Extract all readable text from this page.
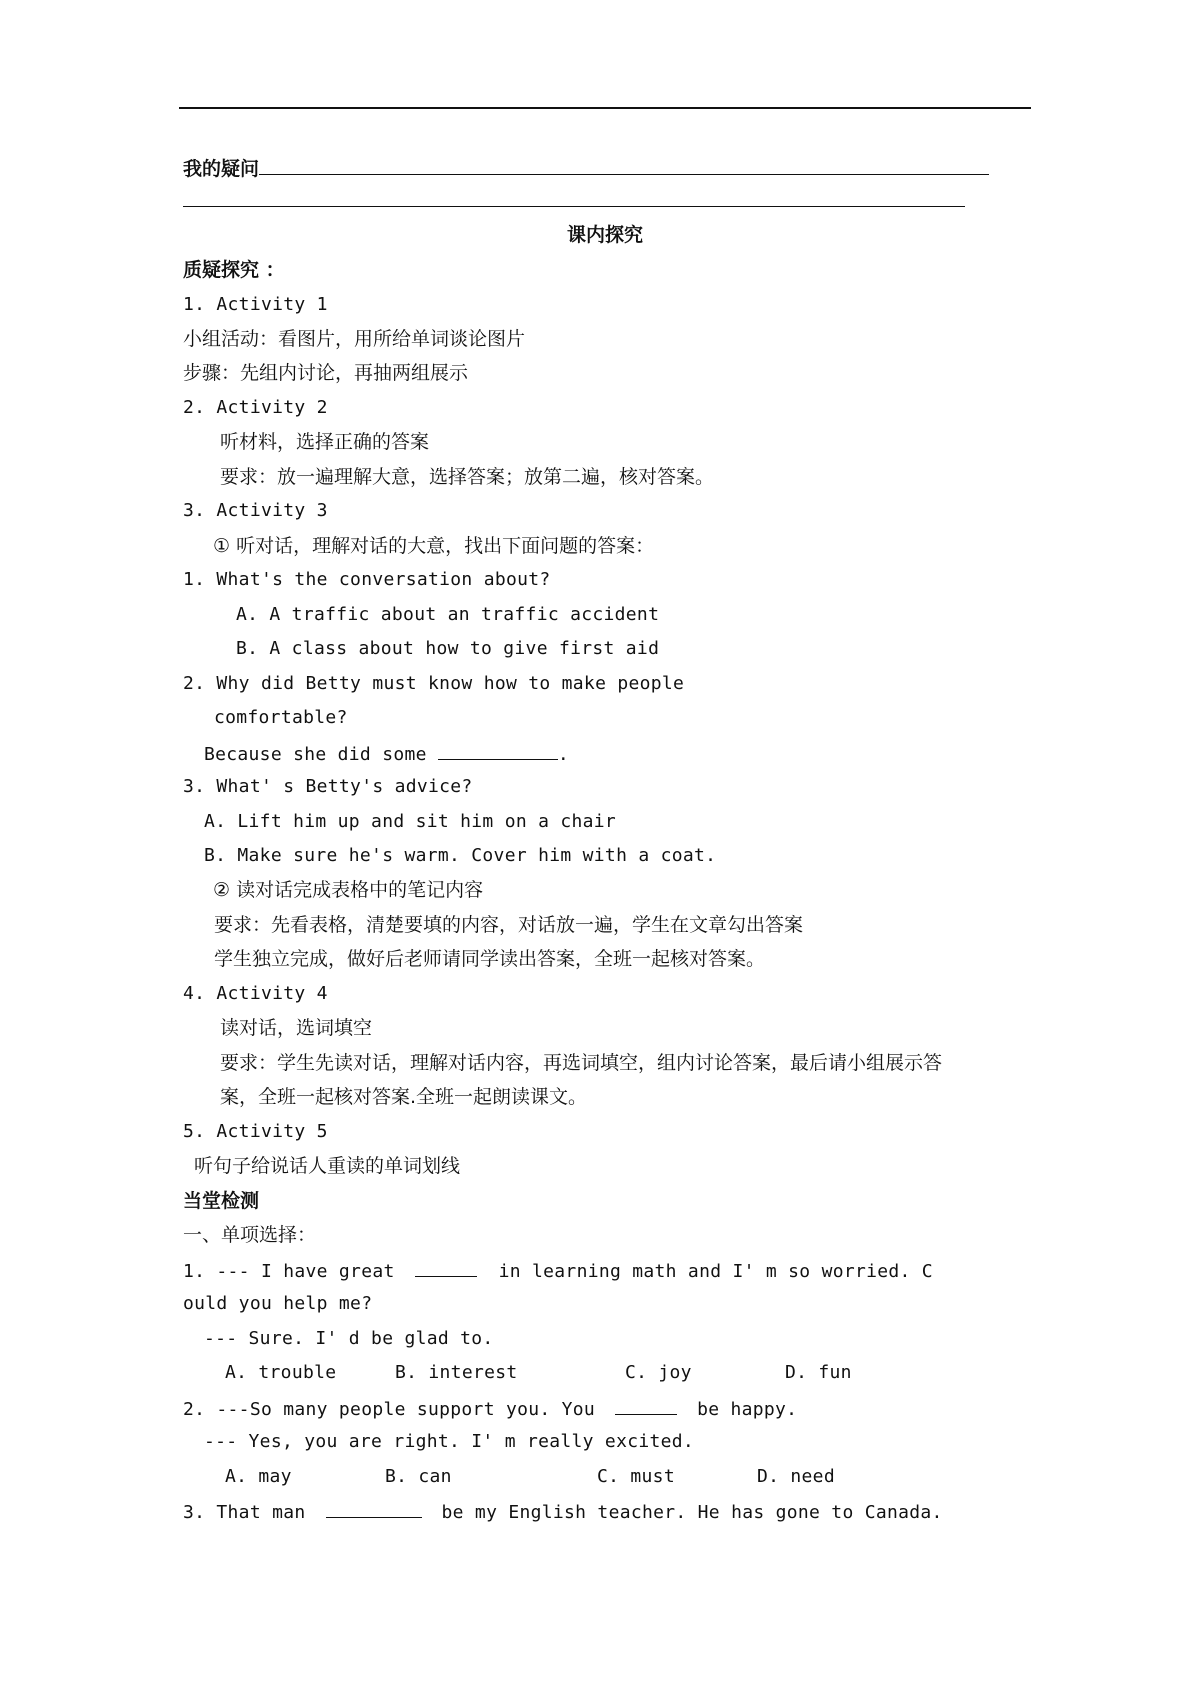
我的疑问
课内探究
质疑探究 ：
1. Activity 1
小组活动：看图片，用所给单词谈论图片
步骤：先组内讨论，再抽两组展示
2. Activity 2
听材料，选择正确的答案
要求：放一遍理解大意，选择答案；放第二遍，核对答案。
3. Activity 3
① 听对话，理解对话的大意，找出下面问题的答案：
1. What's the conversation about?
A. A traffic about an traffic accident
B. A class about how to give first aid
2. Why did Betty must know how to make people
comfortable?
Because she did some	.
3. What' s Betty's advice?
A. Lift him up and sit him on a chair
B. Make sure he's warm. Cover him with a coat.
② 读对话完成表格中的笔记内容
要求：先看表格，清楚要填的内容，对话放一遍，学生在文章勾出答案
学生独立完成，做好后老师请同学读出答案，全班一起核对答案。
4. Activity 4
读对话，选词填空
要求：学生先读对话，理解对话内容，再选词填空，组内讨论答案，最后请小组展示答
案，全班一起核对答案.全班一起朗读课文。
5. Activity 5
听句子给说话人重读的单词划线
当堂检测
一、单项选择：
1. --- I have great	in learning math and I' m so worried. C
ould you help me?
--- Sure. I' d be glad to.
A. trouble	B. interest	C. joy	D. fun
2. ---So many people support you. You	be happy.
--- Yes, you are right. I' m really excited.
A. may	B. can	C. must	D. need
3. That man	be my English teacher. He has gone to Canada.
